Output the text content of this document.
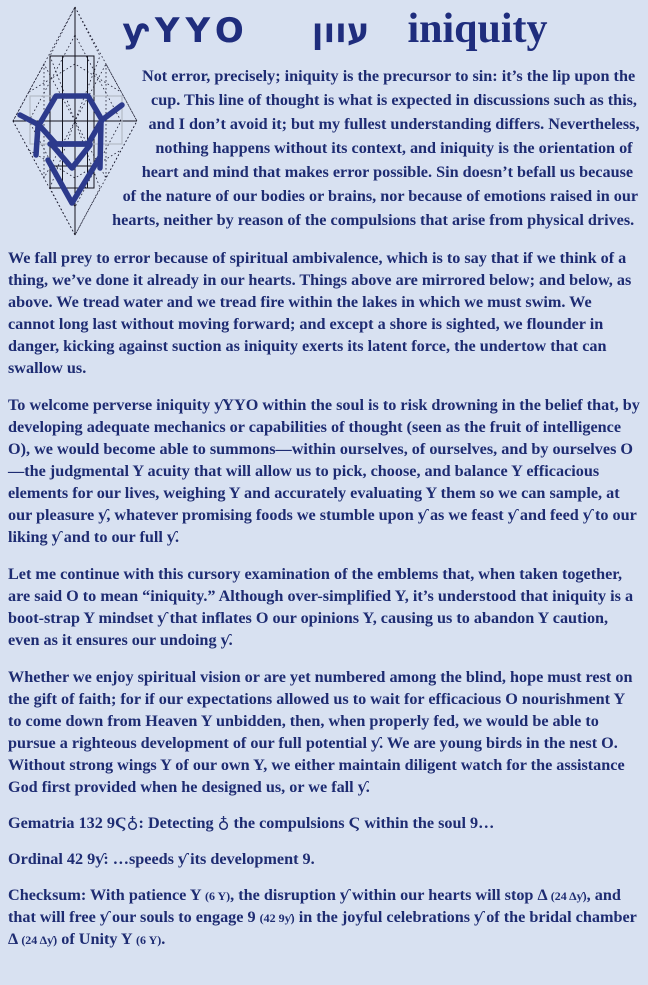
ƴYYO עוון iniquity

Not error, precisely; iniquity is the precursor to sin: it’s the lip upon the cup. This line of thought is what is expected in discussions such as this, and I don’t avoid it; but my fullest understanding differs. Nevertheless, nothing happens without its context, and iniquity is the orientation of heart and mind that makes error possible. Sin doesn’t befall us because of the nature of our bodies or brains, nor because of emotions raised in our hearts, neither by reason of the compulsions that arise from physical drives.

We fall prey to error because of spiritual ambivalence, which is to say that if we think of a thing, we’ve done it already in our hearts. Things above are mirrored below; and below, as above. We tread water and we tread fire within the lakes in which we must swim. We cannot long last without moving forward; and except a shore is sighted, we flounder in danger, kicking against suction as iniquity exerts its latent force, the undertow that can swallow us.

To welcome perverse iniquity ƴYYO within the soul is to risk drowning in the belief that, by developing adequate mechanics or capabilities of thought (seen as the fruit of intelligence O), we would become able to summons—within ourselves, of ourselves, and by ourselves O—the judgmental Y acuity that will allow us to pick, choose, and balance Y efficacious elements for our lives, weighing Y and accurately evaluating Y them so we can sample, at our pleasure ƴ, whatever promising foods we stumble upon ƴ as we feast ƴ and feed ƴ to our liking ƴ and to our full ƴ.

Let me continue with this cursory examination of the emblems that, when taken together, are said O to mean “iniquity.” Although over-simplified Y, it’s understood that iniquity is a boot-strap Y mindset ƴ that inflates O our opinions Y, causing us to abandon Y caution, even as it ensures our undoing ƴ.

Whether we enjoy spiritual vision or are yet numbered among the blind, hope must rest on the gift of faith; for if our expectations allowed us to wait for efficacious O nourishment Y to come down from Heaven Y unbidden, then, when properly fed, we would be able to pursue a righteous development of our full potential ƴ. We are young birds in the nest O. Without strong wings Y of our own Y, we either maintain diligent watch for the assistance God first provided when he designed us, or we fall ƴ.

Gematria 132 9Ϛ♁: Detecting ♁ the compulsions Ϛ within the soul 9…

Ordinal 42 9ƴ: …speeds ƴ its development 9.

Checksum: With patience Y (6 Y), the disruption ƴ within our hearts will stop Δ (24 Δƴ), and that will free ƴ our souls to engage 9 (42 9ƴ) in the joyful celebrations ƴ of the bridal chamber Δ (24 Δƴ) of Unity Y (6 Y).
